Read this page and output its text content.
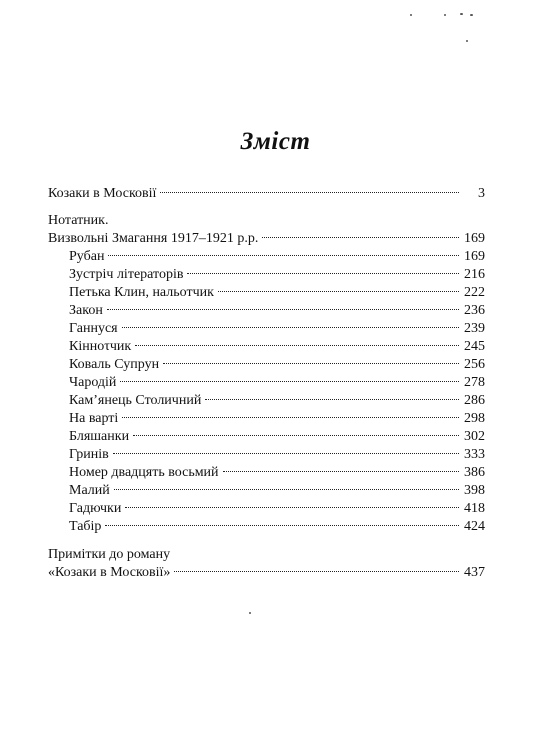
Зміст
Козаки в Московії	3
Нотатник.
Визвольні Змагання 1917–1921 р.р.	169
Рубан	169
Зустріч літераторів	216
Петька Клин, нальотчик	222
Закон	236
Ганнуся	239
Кінноτчик	245
Коваль Супрун	256
Чародій	278
Кам’янець Столичний	286
На варті	298
Бляшанки	302
Гринів	333
Номер двадцять восьмий	386
Малий	398
Гадючки	418
Табір	424
Примітки до роману
«Козаки в Московії»	437
